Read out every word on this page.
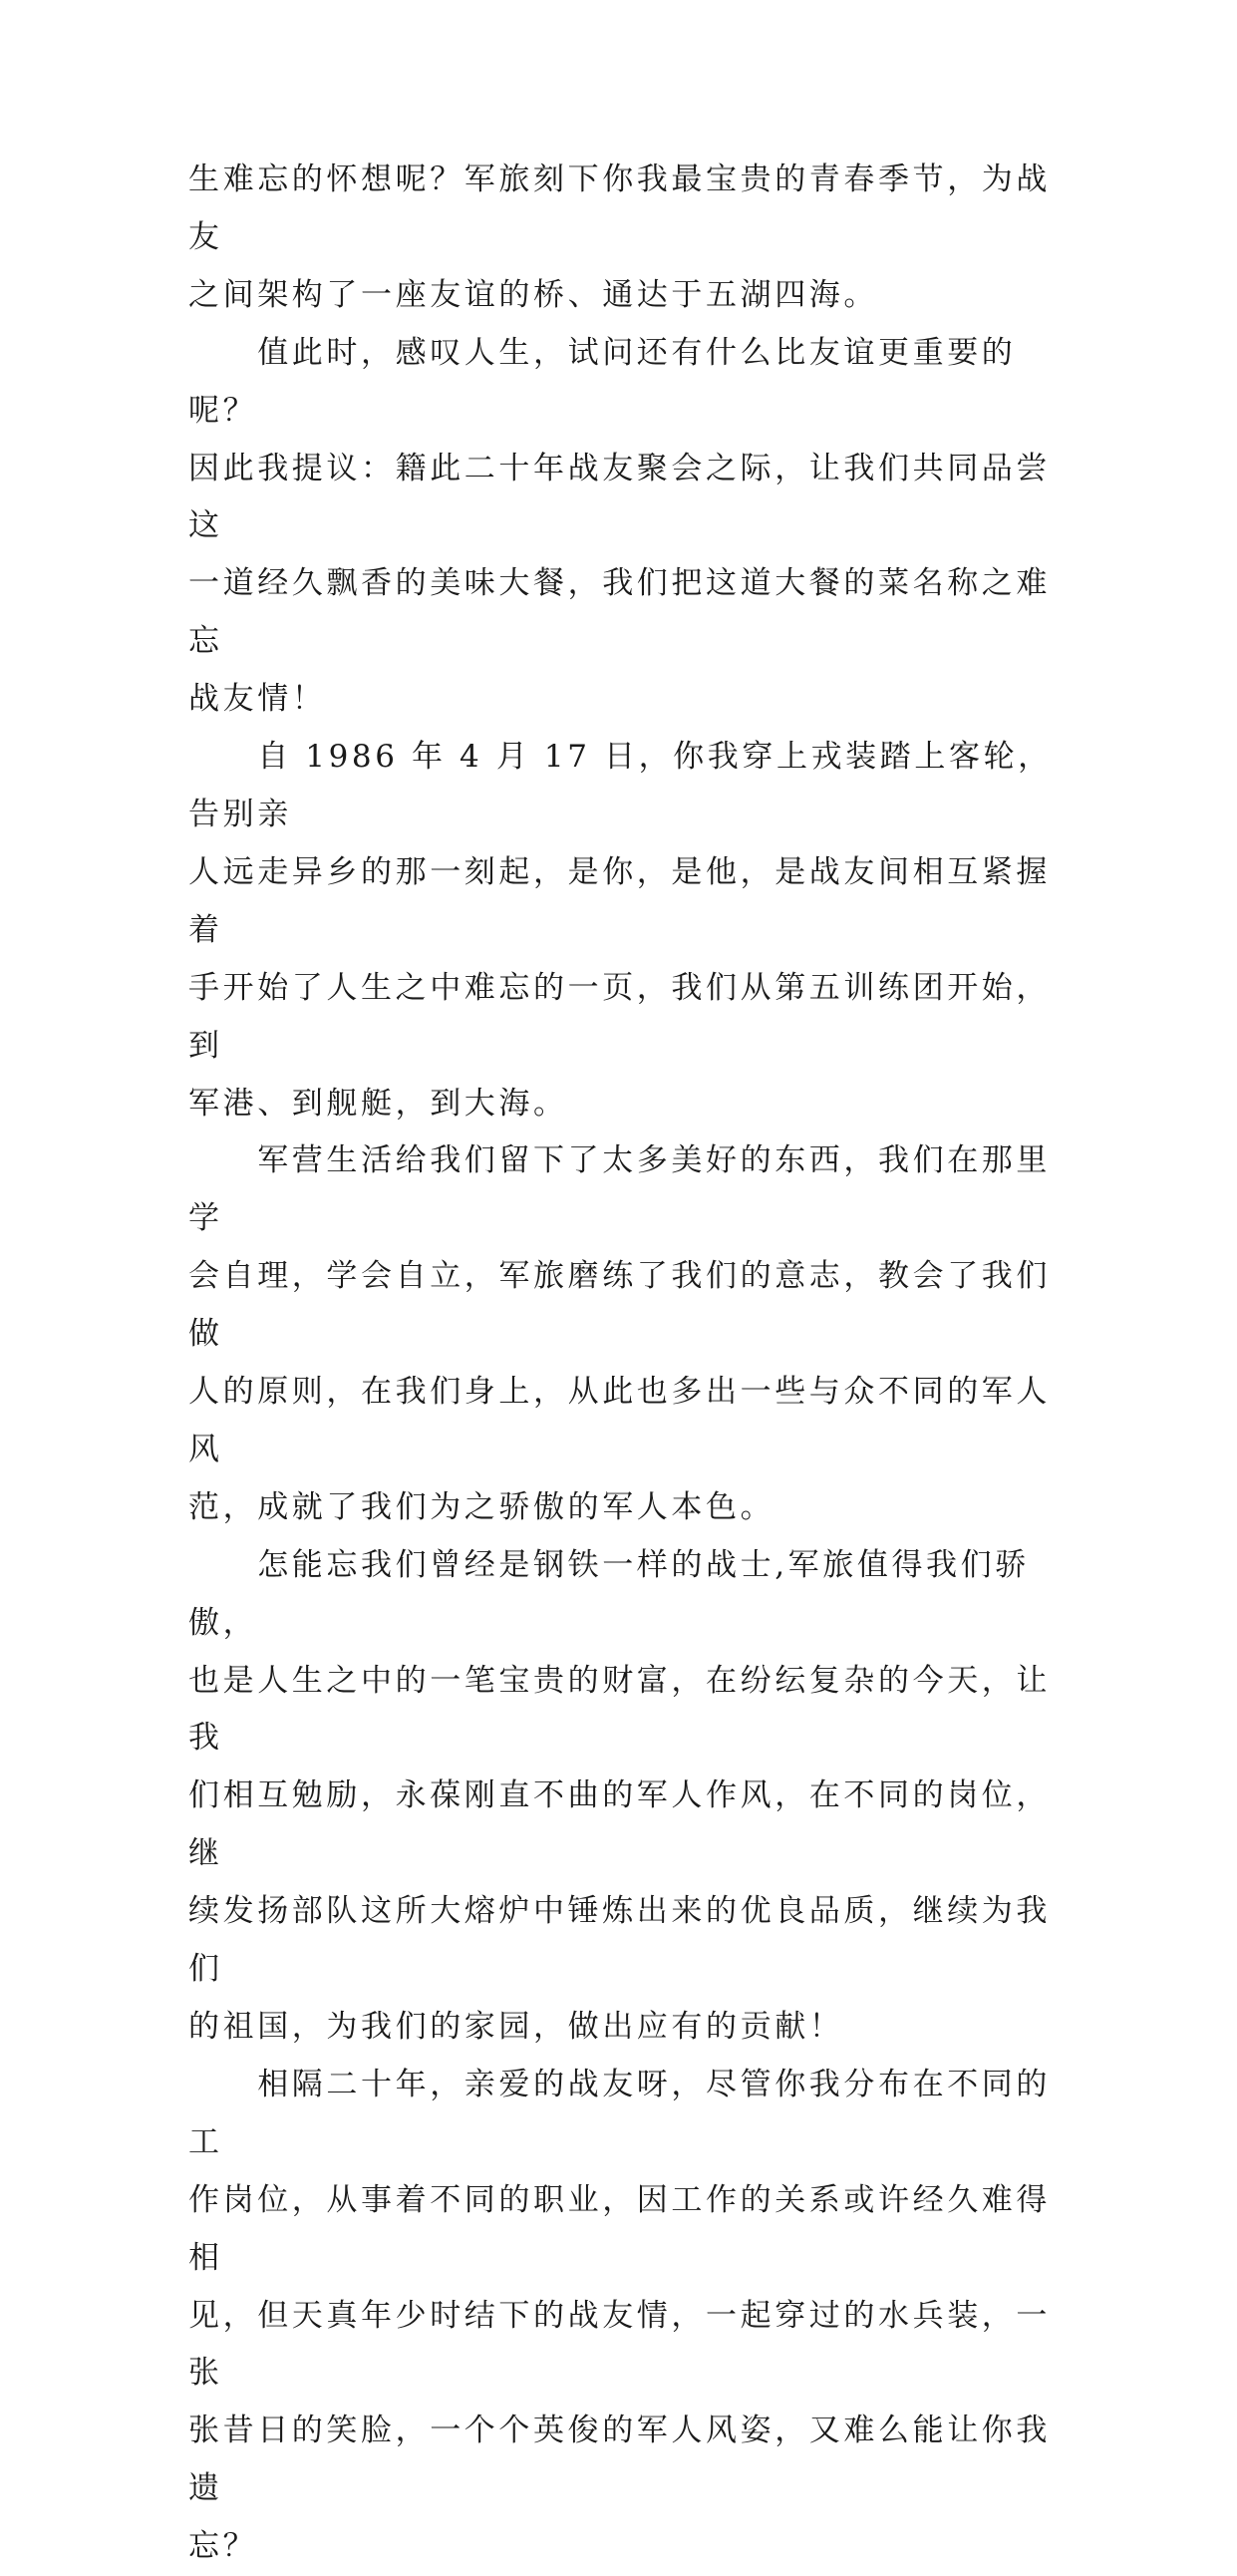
生难忘的怀想呢？军旅刻下你我最宝贵的青春季节，为战友
之间架构了一座友谊的桥、通达于五湖四海。

　　值此时，感叹人生，试问还有什么比友谊更重要的呢？
因此我提议：籍此二十年战友聚会之际，让我们共同品尝这
一道经久飘香的美味大餐，我们把这道大餐的菜名称之难忘
战友情！

　　自 1986 年 4 月 17 日，你我穿上戎装踏上客轮，告别亲
人远走异乡的那一刻起，是你，是他，是战友间相互紧握着
手开始了人生之中难忘的一页，我们从第五训练团开始，到
军港、到舰艇，到大海。

　　军营生活给我们留下了太多美好的东西，我们在那里学
会自理，学会自立，军旅磨练了我们的意志，教会了我们做
人的原则，在我们身上，从此也多出一些与众不同的军人风
范，成就了我们为之骄傲的军人本色。

　　怎能忘我们曾经是钢铁一样的战士,军旅值得我们骄傲，
也是人生之中的一笔宝贵的财富，在纷纭复杂的今天，让我
们相互勉励，永葆刚直不曲的军人作风，在不同的岗位，继
续发扬部队这所大熔炉中锤炼出来的优良品质，继续为我们
的祖国，为我们的家园，做出应有的贡献！

　　相隔二十年，亲爱的战友呀，尽管你我分布在不同的工
作岗位，从事着不同的职业，因工作的关系或许经久难得相
见，但天真年少时结下的战友情，一起穿过的水兵装，一张
张昔日的笑脸，一个个英俊的军人风姿，又难么能让你我遗
忘？
